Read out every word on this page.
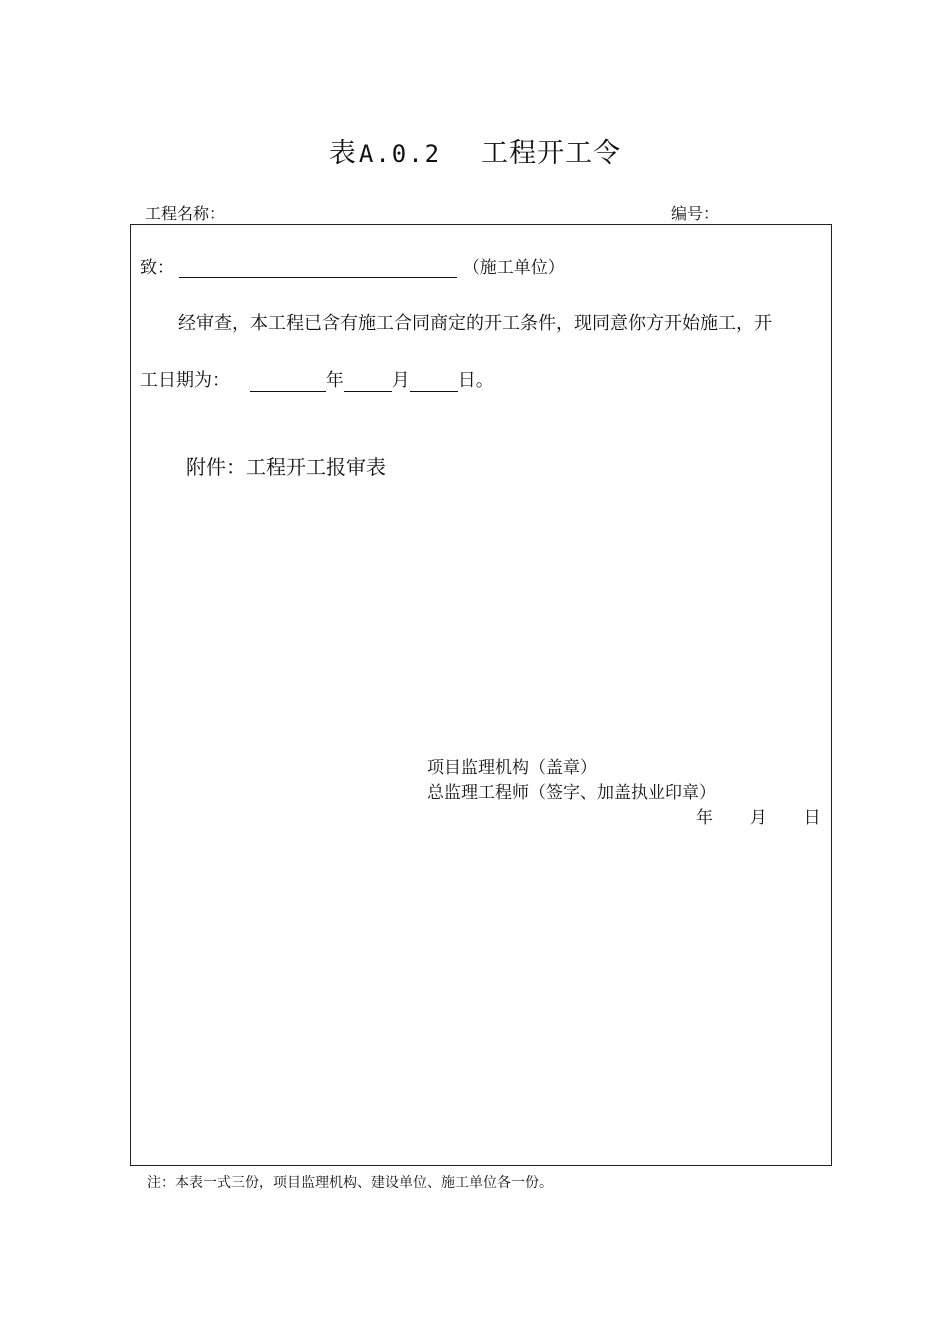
表A.0.2 工程开工令
工程名称：	编号：
致：	（施工单位）
经审查，本工程已含有施工合同商定的开工条件，现同意你方开始施工，开
工日期为：	年	月	日。
附件：工程开工报审表
项目监理机构（盖章）
总监理工程师（签字、加盖执业印章）
年 月 日
注：本表一式三份，项目监理机构、建设单位、施工单位各一份。
